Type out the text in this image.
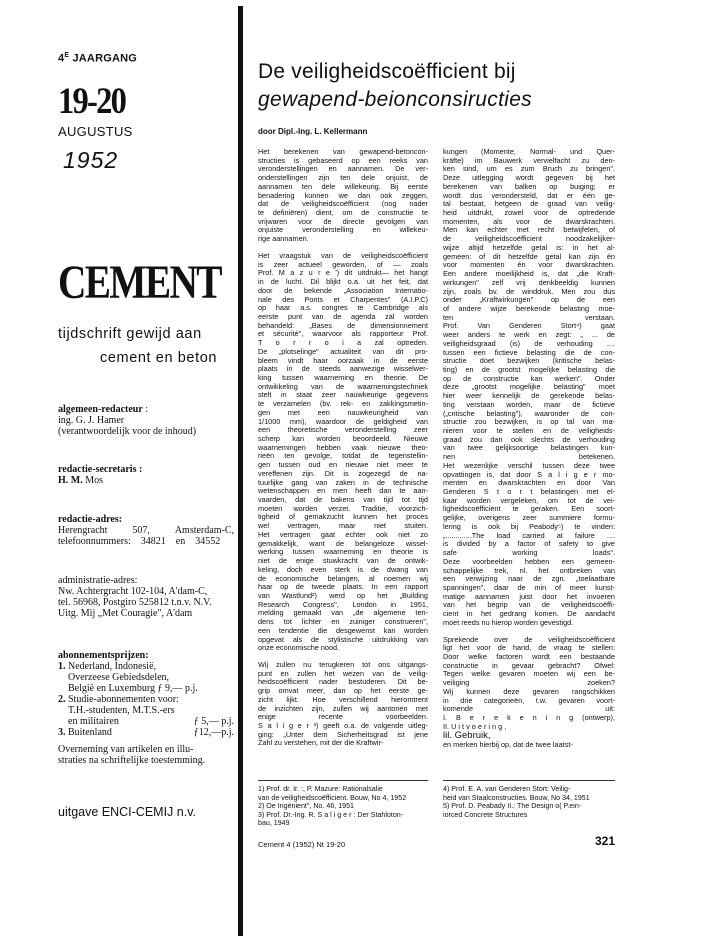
$4^E$ JAARGANG
19-20
AUGUSTUS
1952
CEMENT
tijdschrift gewijd aan
cement en beton
algemeen-redacteur :
ing. G. J. Hamer
(verantwoordelijk voor de inhoud)
redactie-secretaris :
H. M. Mos
redactie-adres:
Herengracht 507, Amsterdam-C,
telefoonnummers: 34821 en 34552
administratie-adres:
Nw. Achtergracht 102-104, A'dam-C,
tel. 56968, Postgiro 525812 t.n.v. N.V.
Uitg. Mij „Met Couragie", A'dam
abonnementsprijzen:
1. Nederland, Indonesië,
Overzeese Gebiedsdelen,
België en Luxemburg ƒ 9,— p.j.
2. Studie-abonnementen voor:
T.H.-studenten, M.T.S.-ers
en militairen	ƒ 5,— p.j.
3. Buitenland	ƒ12,—p.j.
Overneming van artikelen en illu-
straties na schriftelijke toestemming.
uitgave ENCI-CEMIJ n.v.
De veiligheidscoëfficient bij
gewapend-beionconsiructies
door Dipl.-Ing. L. Kellermann

Het berekenen van gewapend-betoncon-
structies is gebaseerd op een reeks van
veronderstellingen en aannamen. De ver-
onderstellingen zijn ten dele onjuist, de
aannamen ten dele willekeurig. Bij eerste
benadering kunnen we dan ook zeggen,
dat de veiligheidscoëfficient (nog nader
te definiëren) dient, om de constructie te
vrijwaren voor de directe gevolgen van
onjuiste veronderstelling en willekeu-
rige aannamen.

Het vraagstuk van de veiligheidscoëfficient
is zeer actueel geworden, of — zoals
Prof. M a z u r e ') dit uitdrukt— het hangt
in de lucht. Dil blijkt o.a. uit het feit, dat
door de bekende „Association Internatio-
nale des Ponts et Charpentes" (A.I.P.C)
op haar a.s. congres te Cambridge als
eerste punt van de agenda zal worden
behandeld: „Bases de dimensionnement
et sécurité", waarvoor als rapporteur Prof.
T o r r o i a zal optreden.
De „plotselinge" actualiteit van dit pro-
bleem vindt haar oorzaak in de eerste
plaats in de steeds aanwezige wisselwer-
king tussen waarneming en theorie. De
ontwikkeling van de waarnemingstechniek
stelt in staat zeer nauwkeurige gegevens
te verzamelen (bv. rek- en zakkingsmetin-
gen met een nauwkeurigheid van
1/1000 mm), waardoor de geldigheid van
een theoretische veronderstelling zeer
scherp kan worden beoordeeld. Nieuwe
waarnemingen hebben vaak nieuwe theo-
rieën ten gevolge, totdat de tegenstellin-
gen tussen oud en nieuwe niet meer te
vereffenen zijn. Dit is zogezegd de na-
tuurlijke gang van zaken in de technische
wetenschappen en men heeft dan te aan-
vaarden, dat de bakens van tijd tot tijd
moeten worden verzet. Traditie, voorzich-
tigheid of gemakzucht kunnen het proces
wel vertragen, maar niet stuiten.
Het vertragen gaat echter ook niet zo
gemakkelijk, want de belangeloze wissel-
werking tussen waarneming en theorie is
niet de enige stuwkracht van de ontwik-
keling, doch even sterk is de dwang van
de economische belangen, al noemen wij
haar op de tweede plaats. In een rapport
van Wastlund²) werd op het „Building
Research Congress", London in 1951,
melding gemaakt van „de algemene ten-
dens tot lichter en zuiniger construeren",
een tendentie die desgewenst kan worden
opgevat als de stylistische uitdrukking van
onze economische nood.

Wij zullen nu terugkeren tot ons uitgangs-
punt en zullen het wezen van de veilig-
heidscoëfficient nader bestuderen. Dit be-
grip omvat meer, dan op het eerste ge-
zicht lijkt. Hoe verschillend hieromtrent
de inzichten zijn, zullen wij aantonen met
enige recente voorbeelden.
S a l i g e r ³) geeft o.a. de volgende uitleg-
ging: „Unter dem Sicherheitsgrad ist jene
Zahl zu verstehen, mit der die Kraftwir-

kungen (Momente, Normal- und Quer-
kräfte) im Bauwerk vervielfacht zu den-
ken sind, um es zum Bruch zu bringen".
Deze uitlegging wordt gegeven bij het
berekenen van balken op buiging; er
wordt dus verondersteld, dat er één ge-
tal bestaat, hetgeen de graad van veilig-
heid uitdrukt, zowel voor de optredende
momenten, als voor de dwarskrachten.
Men kan echter met recht betwijfelen, of
de veiligheidscoëfficient noodzakelijker-
wijze altijd hetzelfde getal is: in het al-
gemeen: of dit hetzelfde getal kan zijn én
voor momenten én voor dwarskrachten.
Een andere moeilijkheid is, dat „die Kraft-
wirkungen" zelf vrij denkbeeldig kunnen
zijn, zoals bv. de winddruk. Men zou dus
onder „Kraftwirkungen" op de een
of andere wijze berekende belasting moe-
ten verstaan.
Prof. Van Genderen Stort⁴) gaat
weer anders te werk en zegt: „ ... de
veiligheidsgraad (is) de verhouding ....
tussen een fictieve belasting die de con-
structie doet bezwijken (kritische belas-
ting) en de grootst mogelijke belasting die
op de constructie kan werken". Onder
deze „grootst mogelijke belasting" moet
hier weer kennelijk de gerekende belas-
ting verstaan worden, maar de fictieve
(„critische belasting"), waaronder de con-
structie zou bezwijken, is op tal van ma-
nieren voor te stellen en de veiligheids-
graad zou dan ook slechts de verhouding
van twee gelijksoortige belastingen kun-
nen betekenen.
Het wezenlijke verschil tussen deze twee
opvattingen is, dat door S a l i g e r mo-
menten en dwarskrachten en door Van
Genderen S t o r t belastingen met el-
kaar worden vergeleken, om tot de vei-
ligheidscoëfficient te geraken. Een soort-
gelijke, overigens zeer summiere formu-
lering is ook bij Peabody⁵) te vinden:
„.............The load carried at failure ....
is divided by a factor of safety to give
safe working loads".
Deze voorbeelden hebben een gemeen-
schappelijke trek, nl. het ontbreken van
een verwijzing naar de zgn. „toelaatbare
spanningen", daar de min of meer kunst-
matige aannamen juist door het invoeren
van het begrip van de veiligheidscoëffi-
cient in het gedrang komen. De aandacht
moet reeds nu hierop worden gevestigd.

Sprekende over de veiligheidscoëfficient
ligt het voor de hand, de vraag te stellen:
Door welke factoren wordt een bestaande
constructie in gevaar gebracht? Ofwel:
Tegen welke gevaren moeten wij een be-
veiliging zoeken?
Wij kunnen deze gevaren rangschikken
in drie categorieën, t.w. gevaren voort-
komende uit:
I. B e r e k e n i n g (ontwerp),
II. U i t v o e r i n g ,

lil. Gebruik,
en merken hierbij op, dat de twee laatst-
1) Prof. dr. Ir. :, P. Mazure: Rationalsalie
van de veiligheidscoëfficient. Bouw, No 4, 1952
2) Oe Ingénient", No. 46, 1951
3) Prof. Dr.-Ing. R. S a l i g e r : Der Stahloton-
bau, 1949
4) Prof. E. A. van Genderen Stort: Veilig-
heid van Staalconstructies. Bouw, No 34, 1951
5) Prof. D. Peabady II.: The Design o( P.ein-
iorced Concrete Structures
Cement 4 (1952) Nt 19-20	321
